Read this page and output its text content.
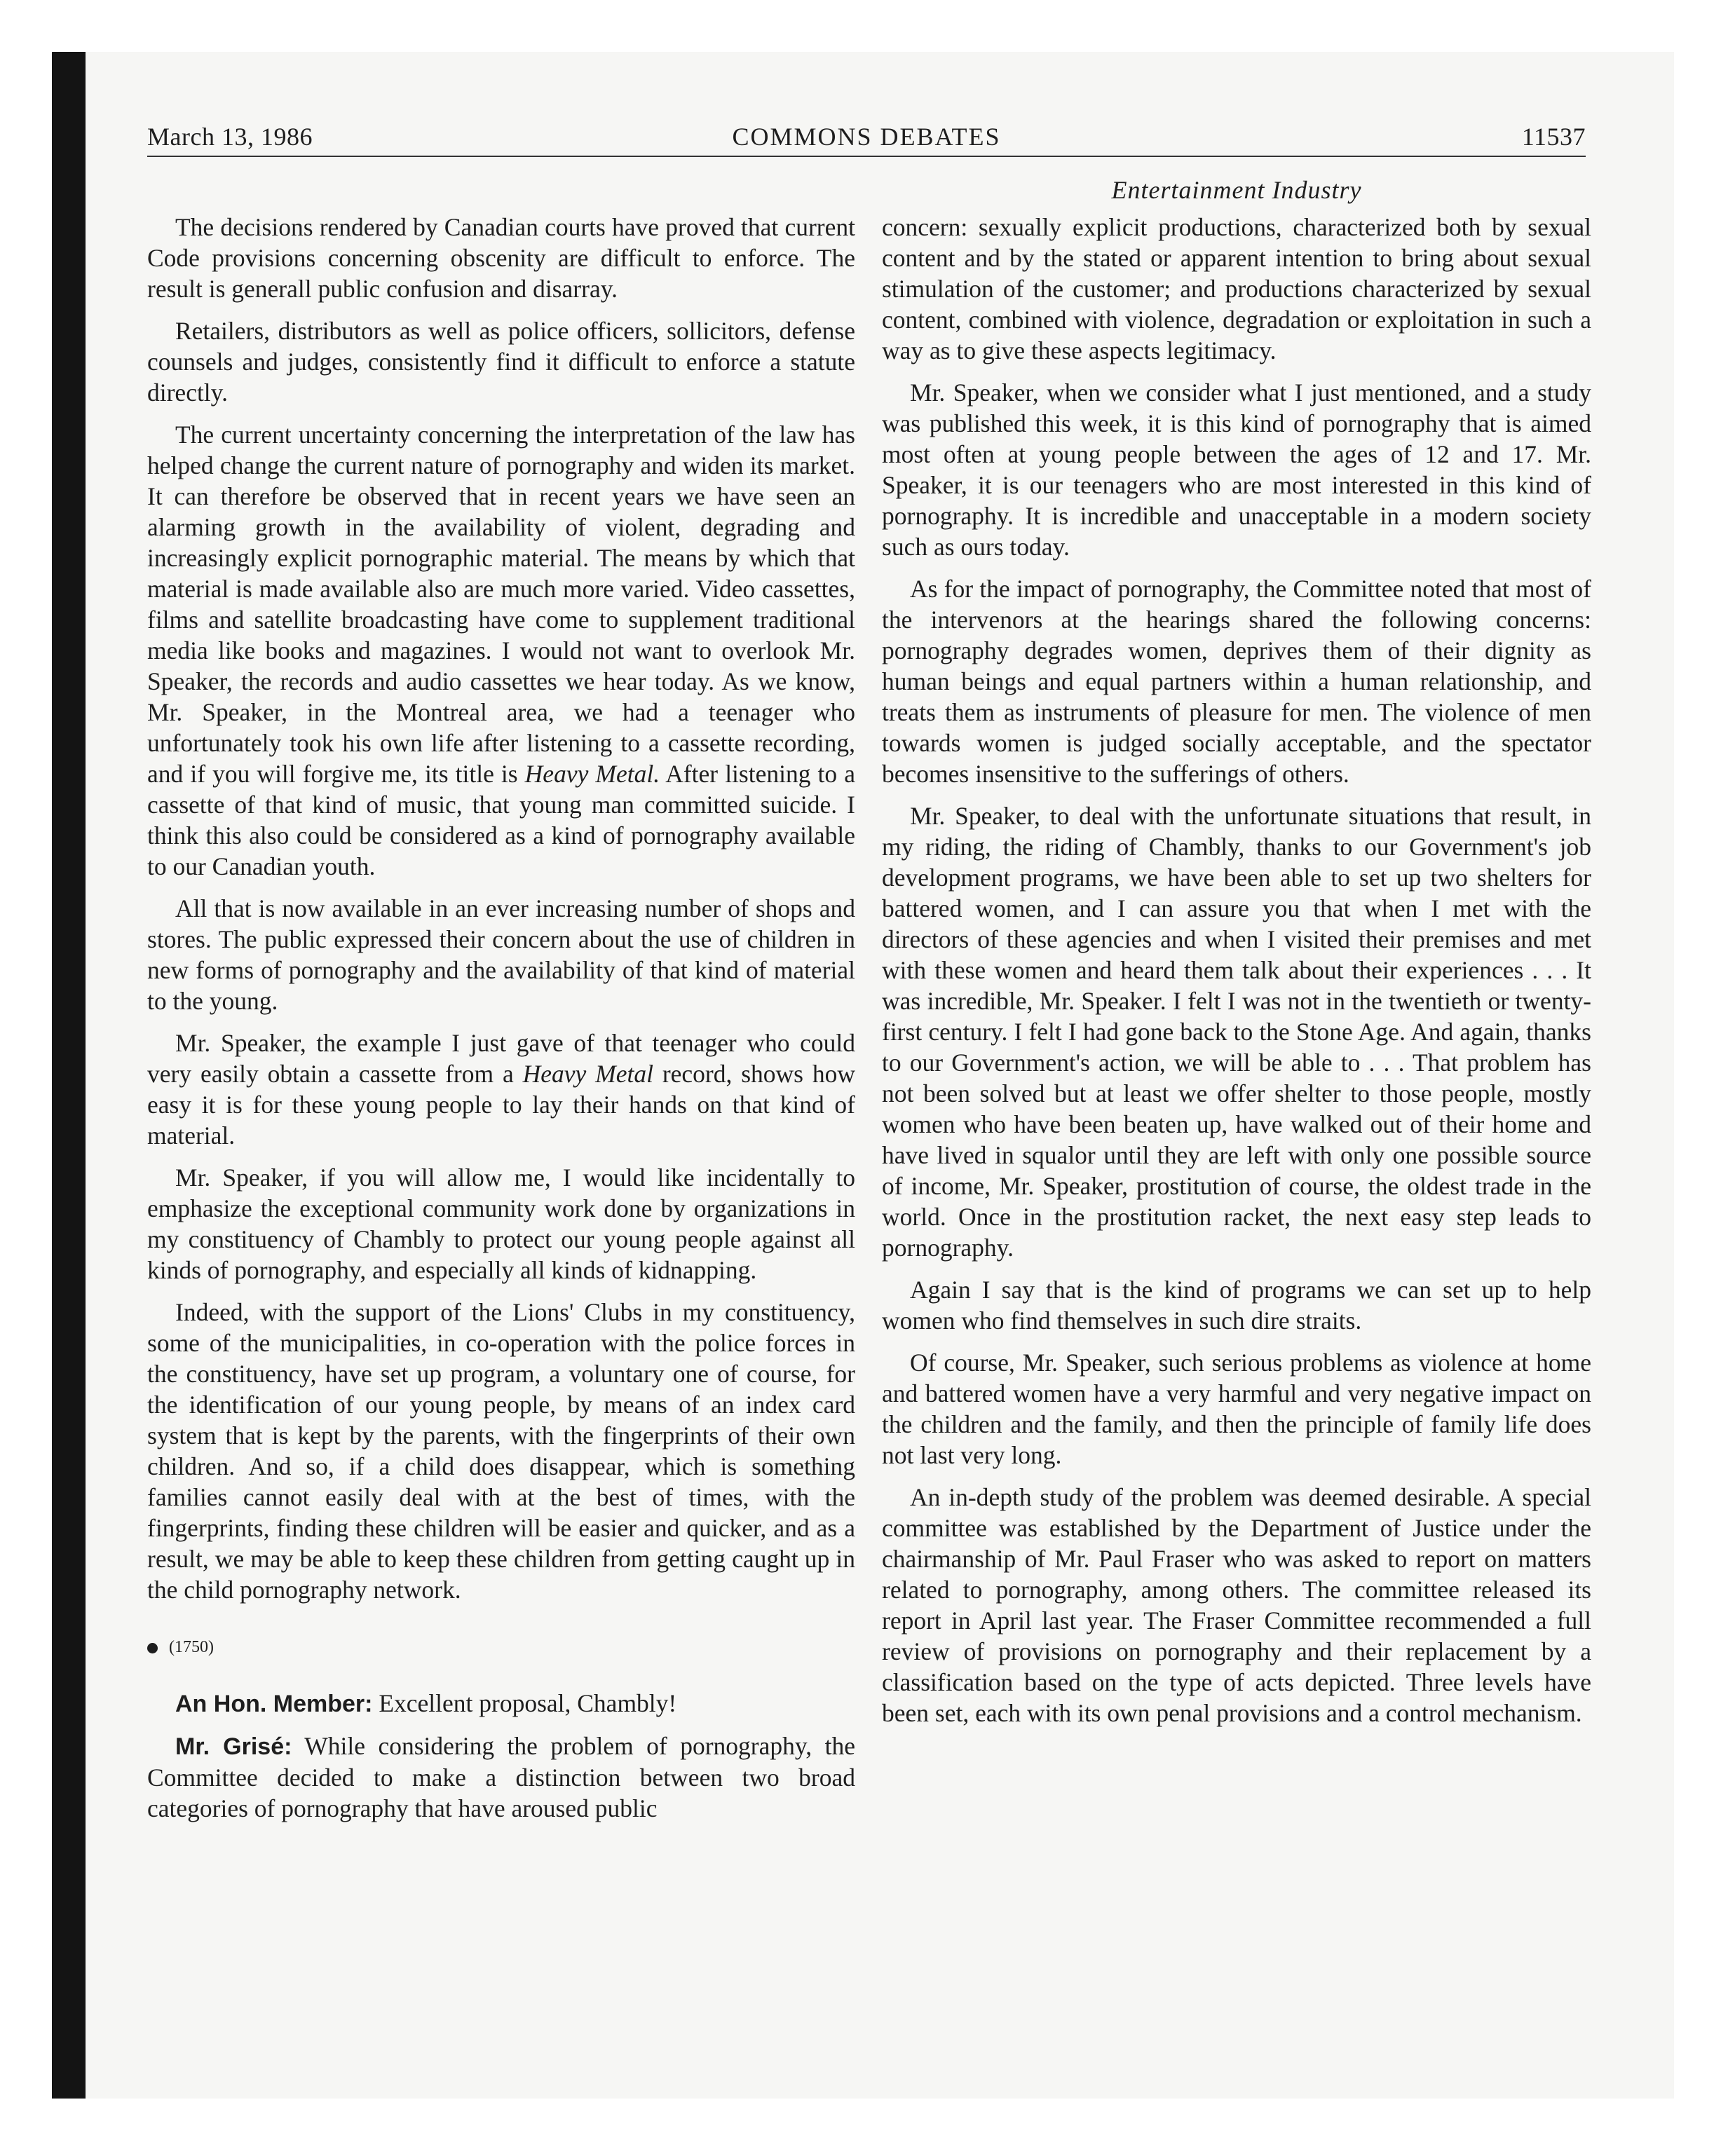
COMMONS DEBATES
March 13, 1986	11537
Entertainment Industry

The decisions rendered by Canadian courts have proved that current Code provisions concerning obscenity are difficult to enforce. The result is generall public confusion and disarray.

Retailers, distributors as well as police officers, sollicitors, defense counsels and judges, consistently find it difficult to enforce a statute directly.

The current uncertainty concerning the interpretation of the law has helped change the current nature of pornography and widen its market. It can therefore be observed that in recent years we have seen an alarming growth in the availability of violent, degrading and increasingly explicit pornographic material. The means by which that material is made available also are much more varied. Video cassettes, films and satellite broadcasting have come to supplement traditional media like books and magazines. I would not want to overlook Mr. Speaker, the records and audio cassettes we hear today. As we know, Mr. Speaker, in the Montreal area, we had a teenager who unfortunately took his own life after listening to a cassette recording, and if you will forgive me, its title is Heavy Metal. After listening to a cassette of that kind of music, that young man committed suicide. I think this also could be considered as a kind of pornography available to our Canadian youth.

All that is now available in an ever increasing number of shops and stores. The public expressed their concern about the use of children in new forms of pornography and the availability of that kind of material to the young.

Mr. Speaker, the example I just gave of that teenager who could very easily obtain a cassette from a Heavy Metal record, shows how easy it is for these young people to lay their hands on that kind of material.

Mr. Speaker, if you will allow me, I would like incidentally to emphasize the exceptional community work done by organizations in my constituency of Chambly to protect our young people against all kinds of pornography, and especially all kinds of kidnapping.

Indeed, with the support of the Lions' Clubs in my constituency, some of the municipalities, in co-operation with the police forces in the constituency, have set up program, a voluntary one of course, for the identification of our young people, by means of an index card system that is kept by the parents, with the fingerprints of their own children. And so, if a child does disappear, which is something families cannot easily deal with at the best of times, with the fingerprints, finding these children will be easier and quicker, and as a result, we may be able to keep these children from getting caught up in the child pornography network.

(1750)

An Hon. Member: Excellent proposal, Chambly!

Mr. Grisé: While considering the problem of pornography, the Committee decided to make a distinction between two broad categories of pornography that have aroused public

concern: sexually explicit productions, characterized both by sexual content and by the stated or apparent intention to bring about sexual stimulation of the customer; and productions characterized by sexual content, combined with violence, degradation or exploitation in such a way as to give these aspects legitimacy.

Mr. Speaker, when we consider what I just mentioned, and a study was published this week, it is this kind of pornography that is aimed most often at young people between the ages of 12 and 17. Mr. Speaker, it is our teenagers who are most interested in this kind of pornography. It is incredible and unacceptable in a modern society such as ours today.

As for the impact of pornography, the Committee noted that most of the intervenors at the hearings shared the following concerns: pornography degrades women, deprives them of their dignity as human beings and equal partners within a human relationship, and treats them as instruments of pleasure for men. The violence of men towards women is judged socially acceptable, and the spectator becomes insensitive to the sufferings of others.

Mr. Speaker, to deal with the unfortunate situations that result, in my riding, the riding of Chambly, thanks to our Government's job development programs, we have been able to set up two shelters for battered women, and I can assure you that when I met with the directors of these agencies and when I visited their premises and met with these women and heard them talk about their experiences . . . It was incredible, Mr. Speaker. I felt I was not in the twentieth or twenty-first century. I felt I had gone back to the Stone Age. And again, thanks to our Government's action, we will be able to . . . That problem has not been solved but at least we offer shelter to those people, mostly women who have been beaten up, have walked out of their home and have lived in squalor until they are left with only one possible source of income, Mr. Speaker, prostitution of course, the oldest trade in the world. Once in the prostitution racket, the next easy step leads to pornography.

Again I say that is the kind of programs we can set up to help women who find themselves in such dire straits.

Of course, Mr. Speaker, such serious problems as violence at home and battered women have a very harmful and very negative impact on the children and the family, and then the principle of family life does not last very long.

An in-depth study of the problem was deemed desirable. A special committee was established by the Department of Justice under the chairmanship of Mr. Paul Fraser who was asked to report on matters related to pornography, among others. The committee released its report in April last year. The Fraser Committee recommended a full review of provisions on pornography and their replacement by a classification based on the type of acts depicted. Three levels have been set, each with its own penal provisions and a control mechanism.
